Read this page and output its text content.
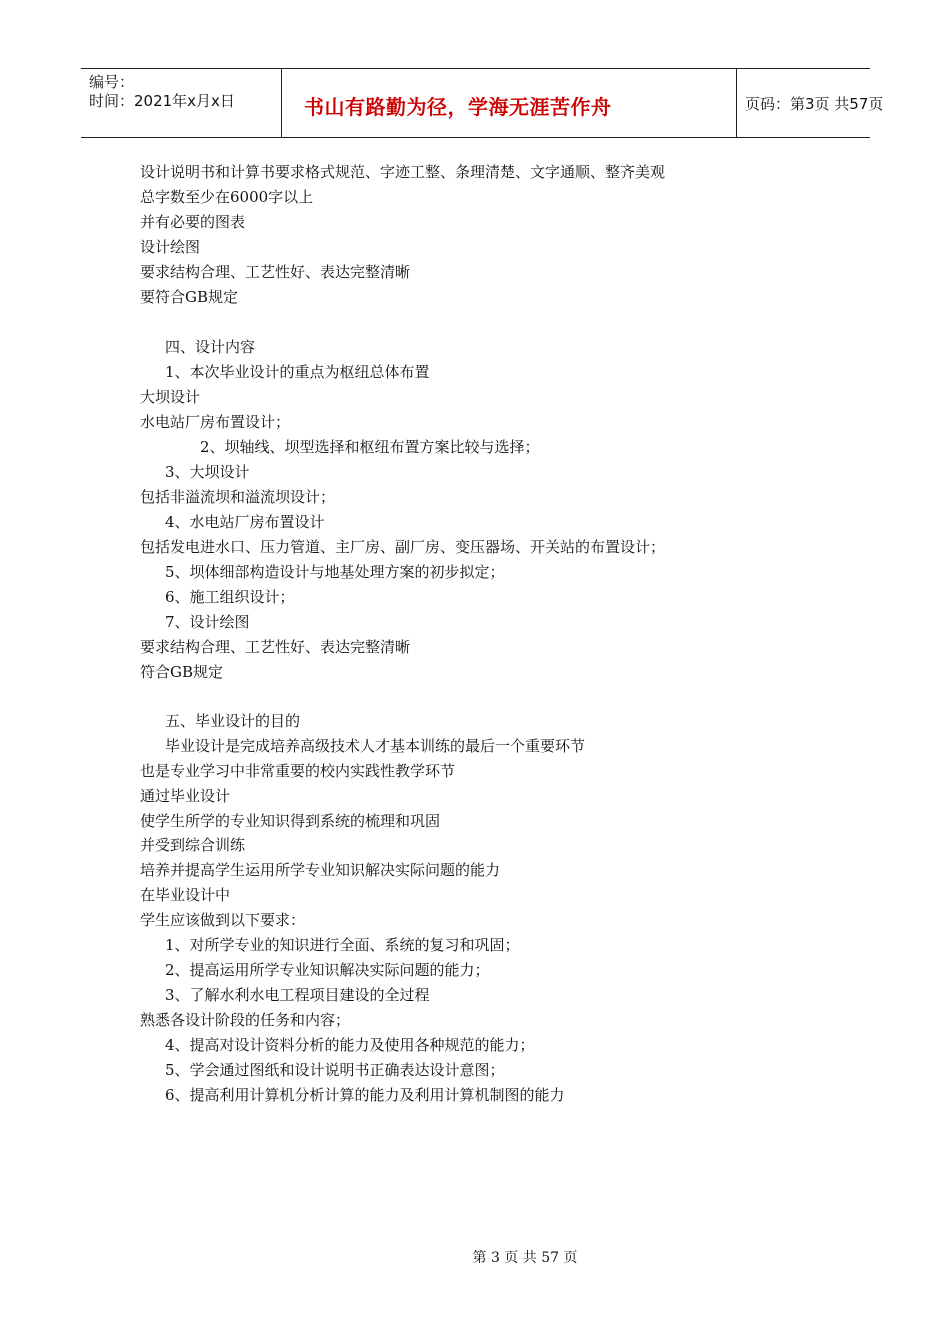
编号：
时间：2021年x月x日	书山有路勤为径，学海无涯苦作舟	页码：第3页 共57页
设计说明书和计算书要求格式规范、字迹工整、条理清楚、文字通顺、整齐美观
总字数至少在6000字以上
并有必要的图表
设计绘图
要求结构合理、工艺性好、表达完整清晰
要符合GB规定
四、设计内容
1、本次毕业设计的重点为枢纽总体布置
大坝设计
水电站厂房布置设计；
2、坝轴线、坝型选择和枢纽布置方案比较与选择；
3、大坝设计
包括非溢流坝和溢流坝设计；
4、水电站厂房布置设计
包括发电进水口、压力管道、主厂房、副厂房、变压器场、开关站的布置设计；
5、坝体细部构造设计与地基处理方案的初步拟定；
6、施工组织设计；
7、设计绘图
要求结构合理、工艺性好、表达完整清晰
符合GB规定
五、毕业设计的目的
毕业设计是完成培养高级技术人才基本训练的最后一个重要环节
也是专业学习中非常重要的校内实践性教学环节
通过毕业设计
使学生所学的专业知识得到系统的梳理和巩固
并受到综合训练
培养并提高学生运用所学专业知识解决实际问题的能力
在毕业设计中
学生应该做到以下要求：
1、对所学专业的知识进行全面、系统的复习和巩固；
2、提高运用所学专业知识解决实际问题的能力；
3、了解水利水电工程项目建设的全过程
熟悉各设计阶段的任务和内容；
4、提高对设计资料分析的能力及使用各种规范的能力；
5、学会通过图纸和设计说明书正确表达设计意图；
6、提高利用计算机分析计算的能力及利用计算机制图的能力
第 3 页 共 57 页
